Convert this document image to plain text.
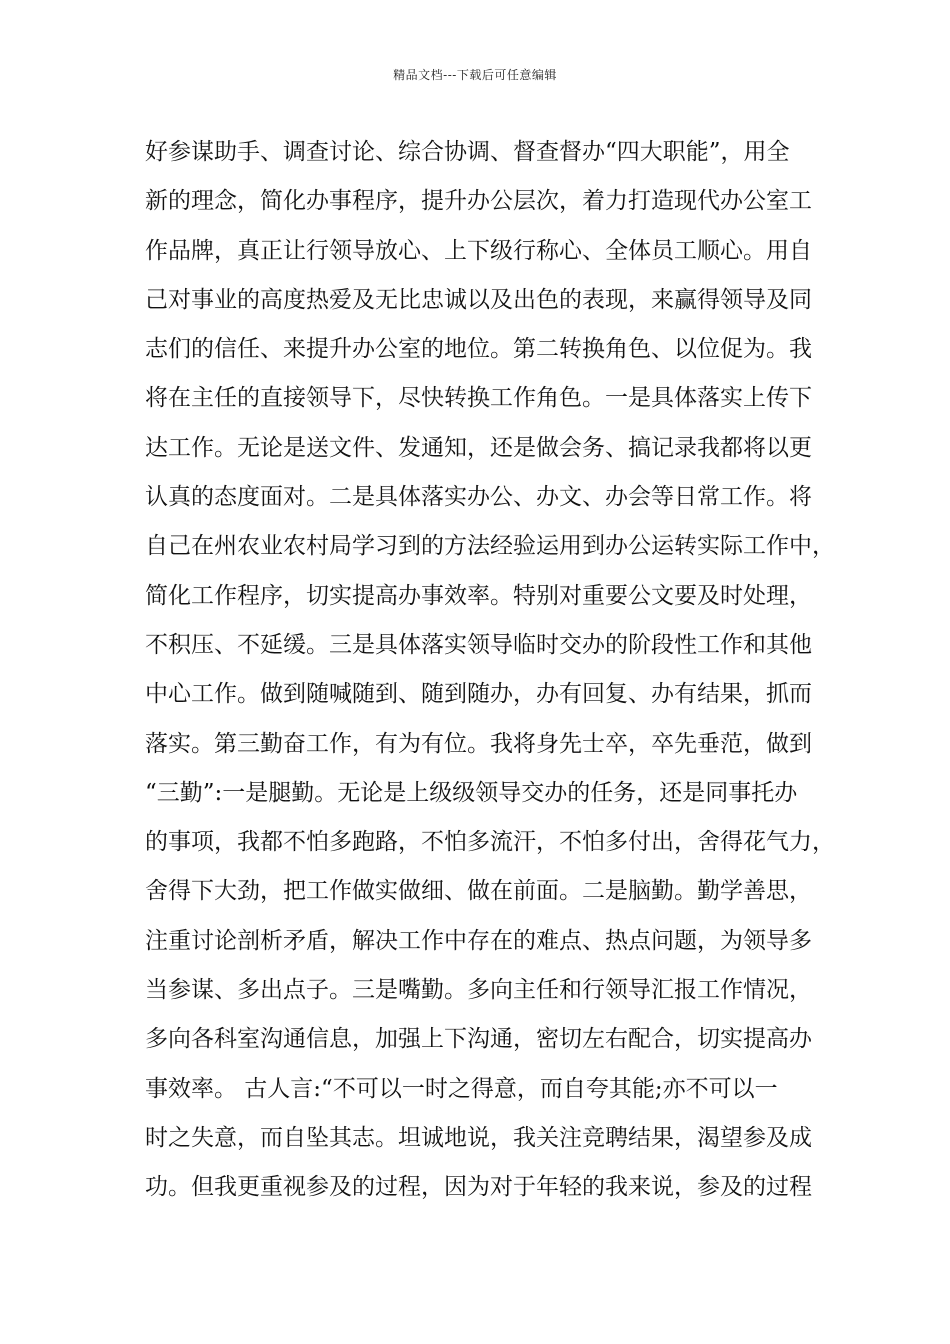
精品文档---下载后可任意编辑
好参谋助手、调查讨论、综合协调、督查督办“四大职能”，用全
新的理念，简化办事程序，提升办公层次，着力打造现代办公室工
作品牌，真正让行领导放心、上下级行称心、全体员工顺心。用自
己对事业的高度热爱及无比忠诚以及出色的表现，来赢得领导及同
志们的信任、来提升办公室的地位。第二转换角色、以位促为。我
将在主任的直接领导下，尽快转换工作角色。一是具体落实上传下
达工作。无论是送文件、发通知，还是做会务、搞记录我都将以更
认真的态度面对。二是具体落实办公、办文、办会等日常工作。将
自己在州农业农村局学习到的方法经验运用到办公运转实际工作中，
简化工作程序，切实提高办事效率。特别对重要公文要及时处理，
不积压、不延缓。三是具体落实领导临时交办的阶段性工作和其他
中心工作。做到随喊随到、随到随办，办有回复、办有结果，抓而
落实。第三勤奋工作，有为有位。我将身先士卒，卒先垂范，做到
“三勤”:一是腿勤。无论是上级级领导交办的任务，还是同事托办
的事项，我都不怕多跑路，不怕多流汗，不怕多付出，舍得花气力，
舍得下大劲，把工作做实做细、做在前面。二是脑勤。勤学善思，
注重讨论剖析矛盾，解决工作中存在的难点、热点问题，为领导多
当参谋、多出点子。三是嘴勤。多向主任和行领导汇报工作情况，
多向各科室沟通信息，加强上下沟通，密切左右配合，切实提高办
事效率。 古人言:“不可以一时之得意，而自夸其能;亦不可以一
时之失意，而自坠其志。坦诚地说，我关注竞聘结果，渴望参及成
功。但我更重视参及的过程，因为对于年轻的我来说，参及的过程
